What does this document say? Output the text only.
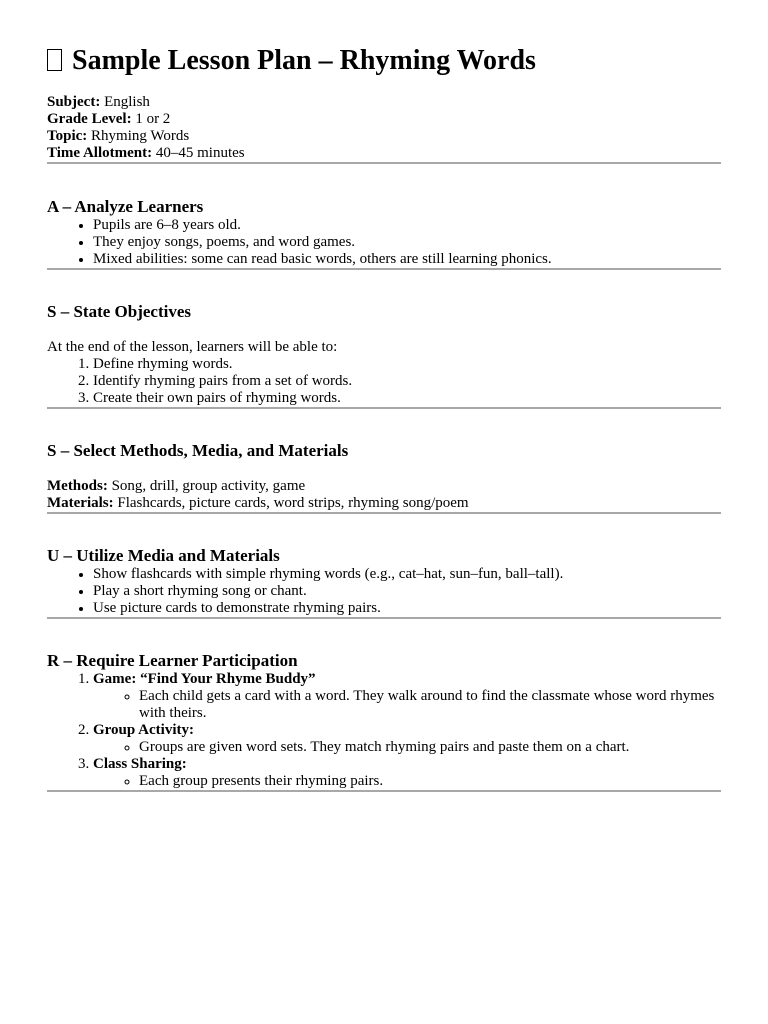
Sample Lesson Plan – Rhyming Words
Subject: English
Grade Level: 1 or 2
Topic: Rhyming Words
Time Allotment: 40–45 minutes
A – Analyze Learners
• Pupils are 6–8 years old.
• They enjoy songs, poems, and word games.
• Mixed abilities: some can read basic words, others are still learning phonics.
S – State Objectives

At the end of the lesson, learners will be able to:

1. Define rhyming words.
2. Identify rhyming pairs from a set of words.
3. Create their own pairs of rhyming words.
S – Select Methods, Media, and Materials
Methods: Song, drill, group activity, game
Materials: Flashcards, picture cards, word strips, rhyming song/poem
U – Utilize Media and Materials
• Show flashcards with simple rhyming words (e.g., cat–hat, sun–fun, ball–tall).
• Play a short rhyming song or chant.
• Use picture cards to demonstrate rhyming pairs.
R – Require Learner Participation
1. Game: “Find Your Rhyme Buddy”
◦ Each child gets a card with a word. They walk around to find the classmate whose word rhymes with theirs.
2. Group Activity:
◦ Groups are given word sets. They match rhyming pairs and paste them on a chart.
3. Class Sharing:
◦ Each group presents their rhyming pairs.
